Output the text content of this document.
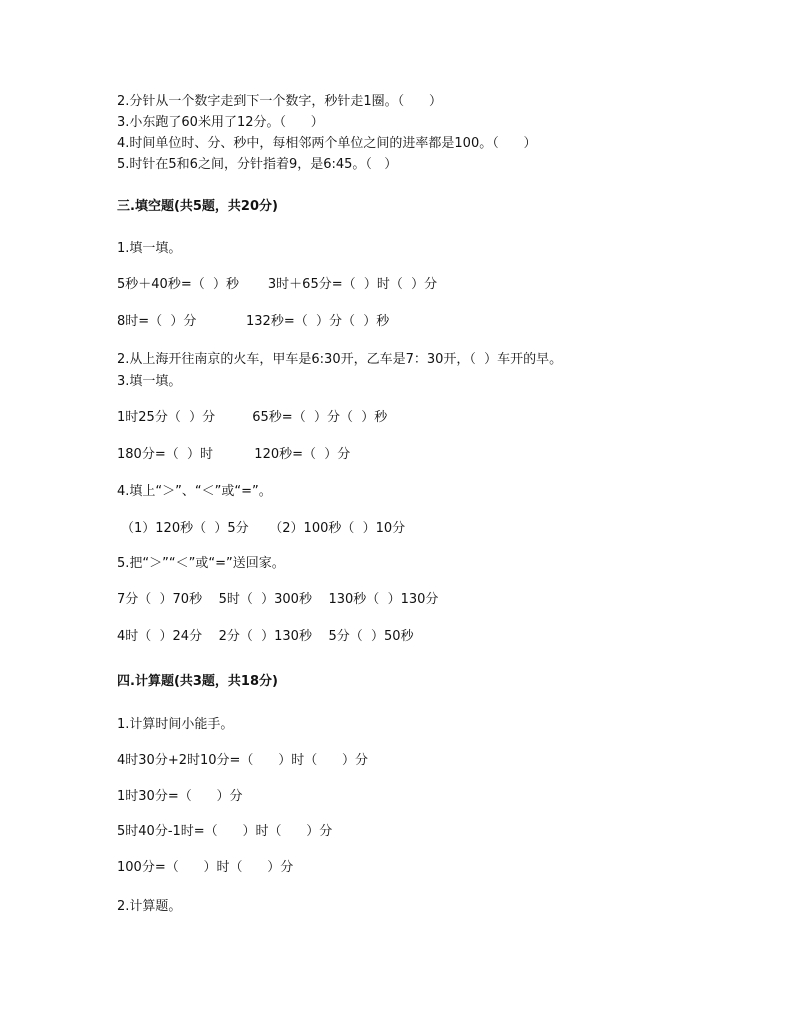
2.分针从一个数字走到下一个数字，秒针走1圈。（      ）
3.小东跑了60米用了12分。（      ）
4.时间单位时、分、秒中，每相邻两个单位之间的进率都是100。（      ）
5.时针在5和6之间，分针指着9，是6:45。（   ）
三.填空题(共5题，共20分)
1.填一填。
5秒＋40秒=（  ）秒       3时＋65分=（  ）时（  ）分
8时=（  ）分            132秒=（  ）分（  ）秒
2.从上海开往南京的火车，甲车是6:30开，乙车是7：30开，（  ）车开的早。
3.填一填。
1时25分（  ）分         65秒=（  ）分（  ）秒
180分=（  ）时          120秒=（  ）分
4.填上“＞”、“＜”或“=”。
（1）120秒（  ）5分     （2）100秒（  ）10分
5.把“＞”“＜”或“=”送回家。
7分（  ）70秒    5时（  ）300秒    130秒（  ）130分
4时（  ）24分    2分（  ）130秒    5分（  ）50秒
四.计算题(共3题，共18分)
1.计算时间小能手。
4时30分+2时10分=（      ）时（      ）分
1时30分=（      ）分
5时40分-1时=（      ）时（      ）分
100分=（      ）时（      ）分
2.计算题。
